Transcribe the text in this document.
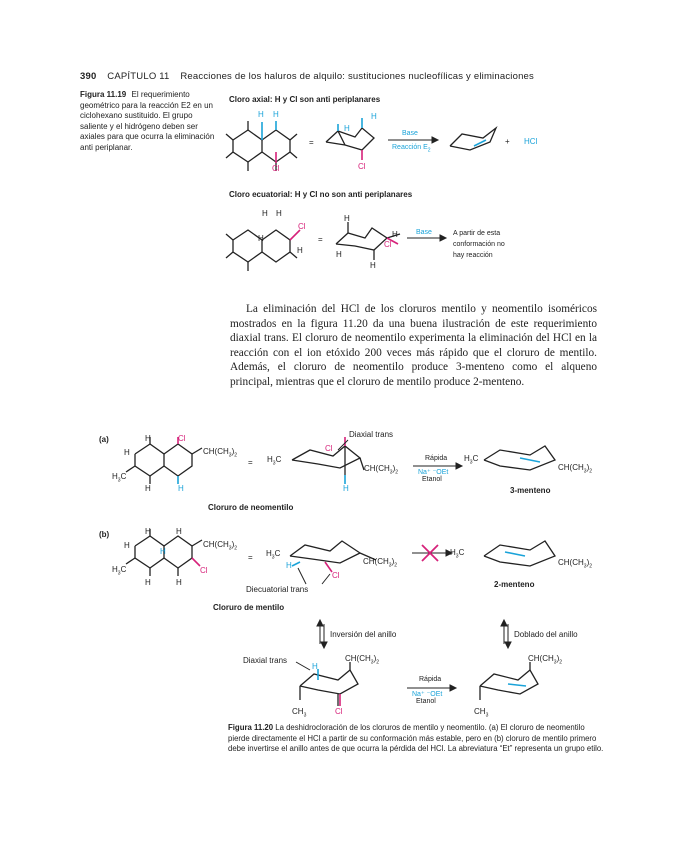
390 CAPÍTULO 11 Reacciones de los haluros de alquilo: sustituciones nucleofílicas y eliminaciones
Figura 11.19 El requerimiento geométrico para la reacción E2 en un ciclohexano sustituido. El grupo saliente y el hidrógeno deben ser axiales para que ocurra la eliminación anti periplanar.
Cloro axial: H y Cl son anti periplanares
Cloro ecuatorial: H y Cl no son anti periplanares
H H
Cl
=
H
H
Cl
Base
Reacción $E_2$
+ HCl
H H
H
H
Cl
=
H
H
H
H
Cl
Base	A partir de esta
conformación no
hay reacción

La eliminación del HCl de los cloruros mentilo y neomentilo isoméricos mostrados en la figura 11.20 da una buena ilustración de este requerimiento diaxial trans. El cloruro de neomentilo experimenta la eliminación del HCl en la reacción con el ion etóxido 200 veces más rápido que el cloruro de mentilo. Además, el cloruro de neomentilo produce 3-menteno como el alqueno principal, mientras que el cloruro de mentilo produce 2-menteno.

(a)
(b)
H	Cl
H
$H_3C$
$CH(CH_3)_2$
H	H
= $H_3C$
Cl
Diaxial trans
$CH(CH_3)_2$
H
Rápida
Na⁺ ⁻OEt
Etanol
$H_3C$
$CH(CH_3)_2$
3-menteno
Cloruro de neomentilo
H	H
H
H
$H_3C$
$CH(CH_3)_2$
Cl
H	H
= $H_3C$
H
Cl
$CH(CH_3)_2$
Diecuatorial trans
$H_3C$
$CH(CH_3)_2$
2-menteno
Cloruro de mentilo
Inversión del anillo	Doblado del anillo
Diaxial trans
H
$CH(CH_3)_2$
$CH_3$	Cl
Rápida
Na⁺ ⁻OEt
Etanol
$CH(CH_3)_2$
$CH_3$
Figura 11.20 La deshidrocloración de los cloruros de mentilo y neomentilo. (a) El cloruro de neomentilo pierde directamente el HCl a partir de su conformación más estable, pero en (b) cloruro de mentilo primero debe invertirse el anillo antes de que ocurra la pérdida del HCl. La abreviatura “Et” representa un grupo etilo.
